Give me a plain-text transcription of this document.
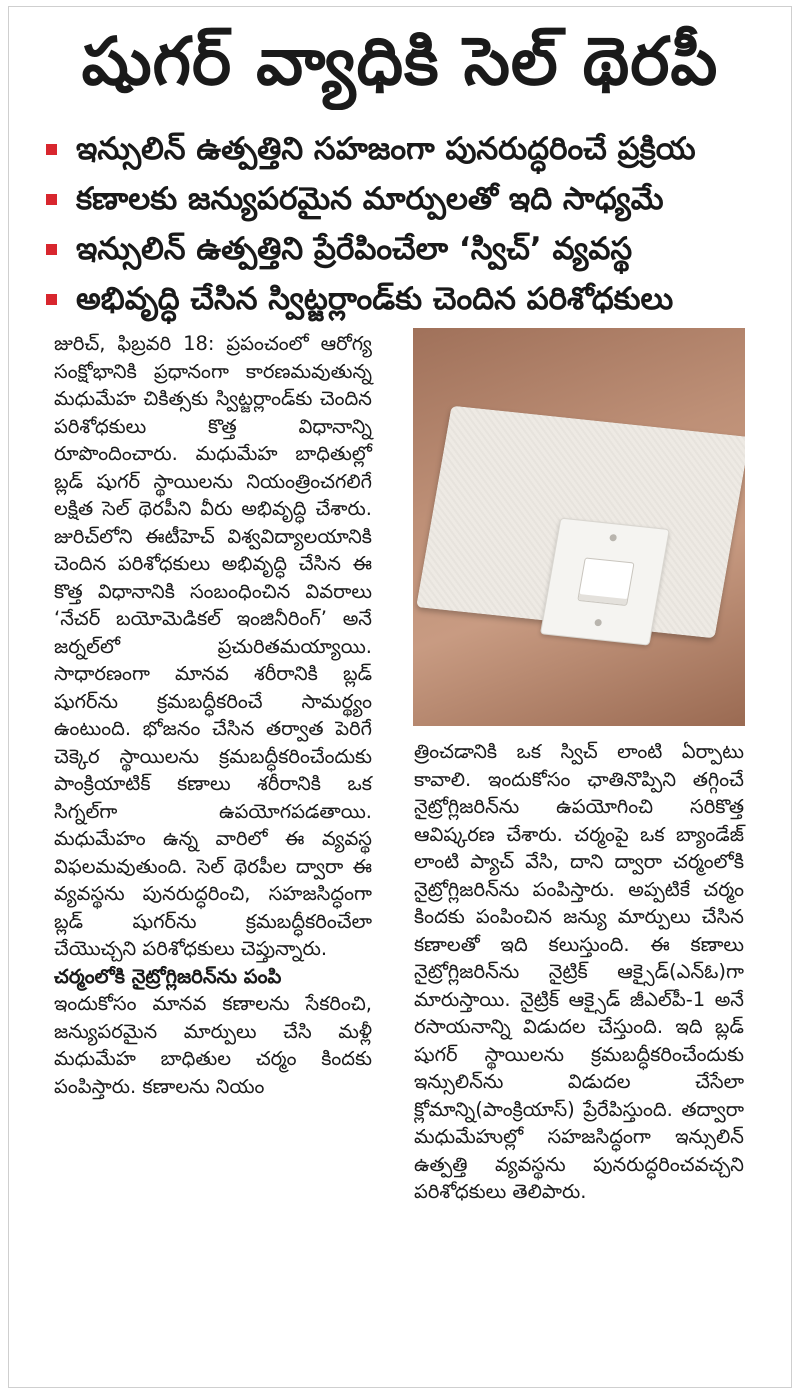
షుగర్ వ్యాధికి సెల్ థెరపీ
ఇన్సులిన్ ఉత్పత్తిని సహజంగా పునరుద్ధరించే ప్రక్రియ
కణాలకు జన్యుపరమైన మార్పులతో ఇది సాధ్యమే
ఇన్సులిన్ ఉత్పత్తిని ప్రేరేపించేలా ‘స్విచ్’ వ్యవస్థ
అభివృద్ధి చేసిన స్విట్జర్లాండ్‌కు చెందిన పరిశోధకులు

జురిచ్, ఫిబ్రవరి 18: ప్రపంచంలో ఆరోగ్య సంక్షోభానికి ప్రధానంగా కారణమవుతున్న మధుమేహ చికిత్సకు స్విట్జర్లాండ్‌కు చెందిన పరిశోధకులు కొత్త విధానాన్ని రూపొందించారు. మధుమేహ బాధితుల్లో బ్లడ్ షుగర్ స్థాయిలను నియంత్రించగలిగే లక్షిత సెల్ థెరపీని వీరు అభివృద్ధి చేశారు. జురిచ్‌లోని ఈటీహెచ్ విశ్వవిద్యాలయానికి చెందిన పరిశోధకులు అభివృద్ధి చేసిన ఈ కొత్త విధానానికి సంబంధించిన వివరాలు ‘నేచర్ బయోమెడికల్ ఇంజినీరింగ్’ అనే జర్నల్‌లో ప్రచురితమయ్యాయి. సాధారణంగా మానవ శరీరానికి బ్లడ్ షుగర్‌ను క్రమబద్ధీకరించే సామర్థ్యం ఉంటుంది. భోజనం చేసిన తర్వాత పెరిగే చెక్కెర స్థాయిలను క్రమబద్ధీకరించేందుకు పాంక్రియాటిక్ కణాలు శరీరానికి ఒక సిగ్నల్‌గా ఉపయోగపడతాయి. మధుమేహం ఉన్న వారిలో ఈ వ్యవస్థ విఫలమవుతుంది. సెల్ థెరపీల ద్వారా ఈ వ్యవస్థను పునరుద్ధరించి, సహజసిద్ధంగా బ్లడ్ షుగర్‌ను క్రమబద్ధీకరించేలా చేయొచ్చని పరిశోధకులు చెప్తున్నారు.

చర్మంలోకి నైట్రోగ్లిజరిన్‌ను పంపి

ఇందుకోసం మానవ కణాలను సేకరించి, జన్యుపరమైన మార్పులు చేసి మళ్లీ మధుమేహ బాధితుల చర్మం కిందకు పంపిస్తారు. కణాలను నియం

త్రించడానికి ఒక స్విచ్ లాంటి ఏర్పాటు కావాలి. ఇందుకోసం ఛాతినొప్పిని తగ్గించే నైట్రోగ్లిజరిన్‌ను ఉపయోగించి సరికొత్త ఆవిష్కరణ చేశారు. చర్మంపై ఒక బ్యాండేజ్ లాంటి ప్యాచ్ వేసి, దాని ద్వారా చర్మంలోకి నైట్రోగ్లిజరిన్‌ను పంపిస్తారు. అప్పటికే చర్మం కిందకు పంపించిన జన్యు మార్పులు చేసిన కణాలతో ఇది కలుస్తుంది. ఈ కణాలు నైట్రోగ్లిజరిన్‌ను నైట్రిక్ ఆక్సైడ్(ఎన్ఓ)గా మారుస్తాయి. నైట్రిక్ ఆక్సైడ్ జీఎల్‌పీ-1 అనే రసాయనాన్ని విడుదల చేస్తుంది. ఇది బ్లడ్ షుగర్ స్థాయిలను క్రమబద్ధీకరించేందుకు ఇన్సులిన్‌ను విడుదల చేసేలా క్లోమాన్ని(పాంక్రియాస్) ప్రేరేపిస్తుంది. తద్వారా మధుమేహుల్లో సహజసిద్ధంగా ఇన్సులిన్ ఉత్పత్తి వ్యవస్థను పునరుద్ధరించవచ్చని పరిశోధకులు తెలిపారు.
